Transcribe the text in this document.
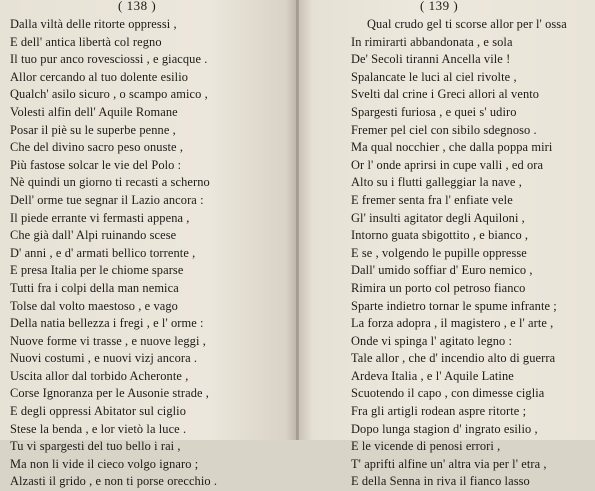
( 138 )
Dalla viltà delle ritorte oppressi ,
E dell' antica libertà col regno
Il tuo pur anco rovesciossi , e giacque .
Allor cercando al tuo dolente esilio
Qualch' asilo sicuro , o scampo amico ,
Volesti alfin dell' Aquile Romane
Posar il piè su le superbe penne ,
Che del divino sacro peso onuste ,
Più fastose solcar le vie del Polo :
Nè quindi un giorno ti recasti a scherno
Dell' orme tue segnar il Lazio ancora :
Il piede errante vi fermasti appena ,
Che già dall' Alpi ruinando scese
D' anni , e d' armati bellico torrente ,
E presa Italia per le chiome sparse
Tutti fra i colpi della man nemica
Tolse dal volto maestoso , e vago
Della natia bellezza i fregi , e l' orme :
Nuove forme vi trasse , e nuove leggi ,
Nuovi costumi , e nuovi vizj ancora .
Uscita allor dal torbido Acheronte ,
Corse Ignoranza per le Ausonie strade ,
E degli oppressi Abitator sul ciglio
Stese la benda , e lor vietò la luce .
Tu vi spargesti del tuo bello i rai ,
Ma non li vide il cieco volgo ignaro ;
Alzasti il grido , e non ti porse orecchio .
( 139 )
Qual crudo gel ti scorse allor per l' ossa
In rimirarti abbandonata , e sola
De' Secoli tiranni Ancella vile !
Spalancate le luci al ciel rivolte ,
Svelti dal crine i Greci allori al vento
Spargesti furiosa , e quei s' udiro
Fremer pel ciel con sibilo sdegnoso .
Ma qual nocchier , che dalla poppa miri
Or l' onde aprirsi in cupe valli , ed ora
Alto su i flutti galleggiar la nave ,
E fremer senta fra l' enfiate vele
Gl' insulti agitator degli Aquiloni ,
Intorno guata sbigottito , e bianco ,
E se , volgendo le pupille oppresse
Dall' umido soffiar d' Euro nemico ,
Rimira un porto col petroso fianco
Sparte indietro tornar le spume infrante ;
La forza adopra , il magistero , e l' arte ,
Onde vi spinga l' agitato legno :
Tale allor , che d' incendio alto di guerra
Ardeva Italia , e l' Aquile Latine
Scuotendo il capo , con dimesse ciglia
Fra gli artigli rodean aspre ritorte ;
Dopo lunga stagion d' ingrato esilio ,
E le vicende di penosi errori ,
T' aprifti alfine un' altra via per l' etra ,
E della Senna in riva il fianco lasso
